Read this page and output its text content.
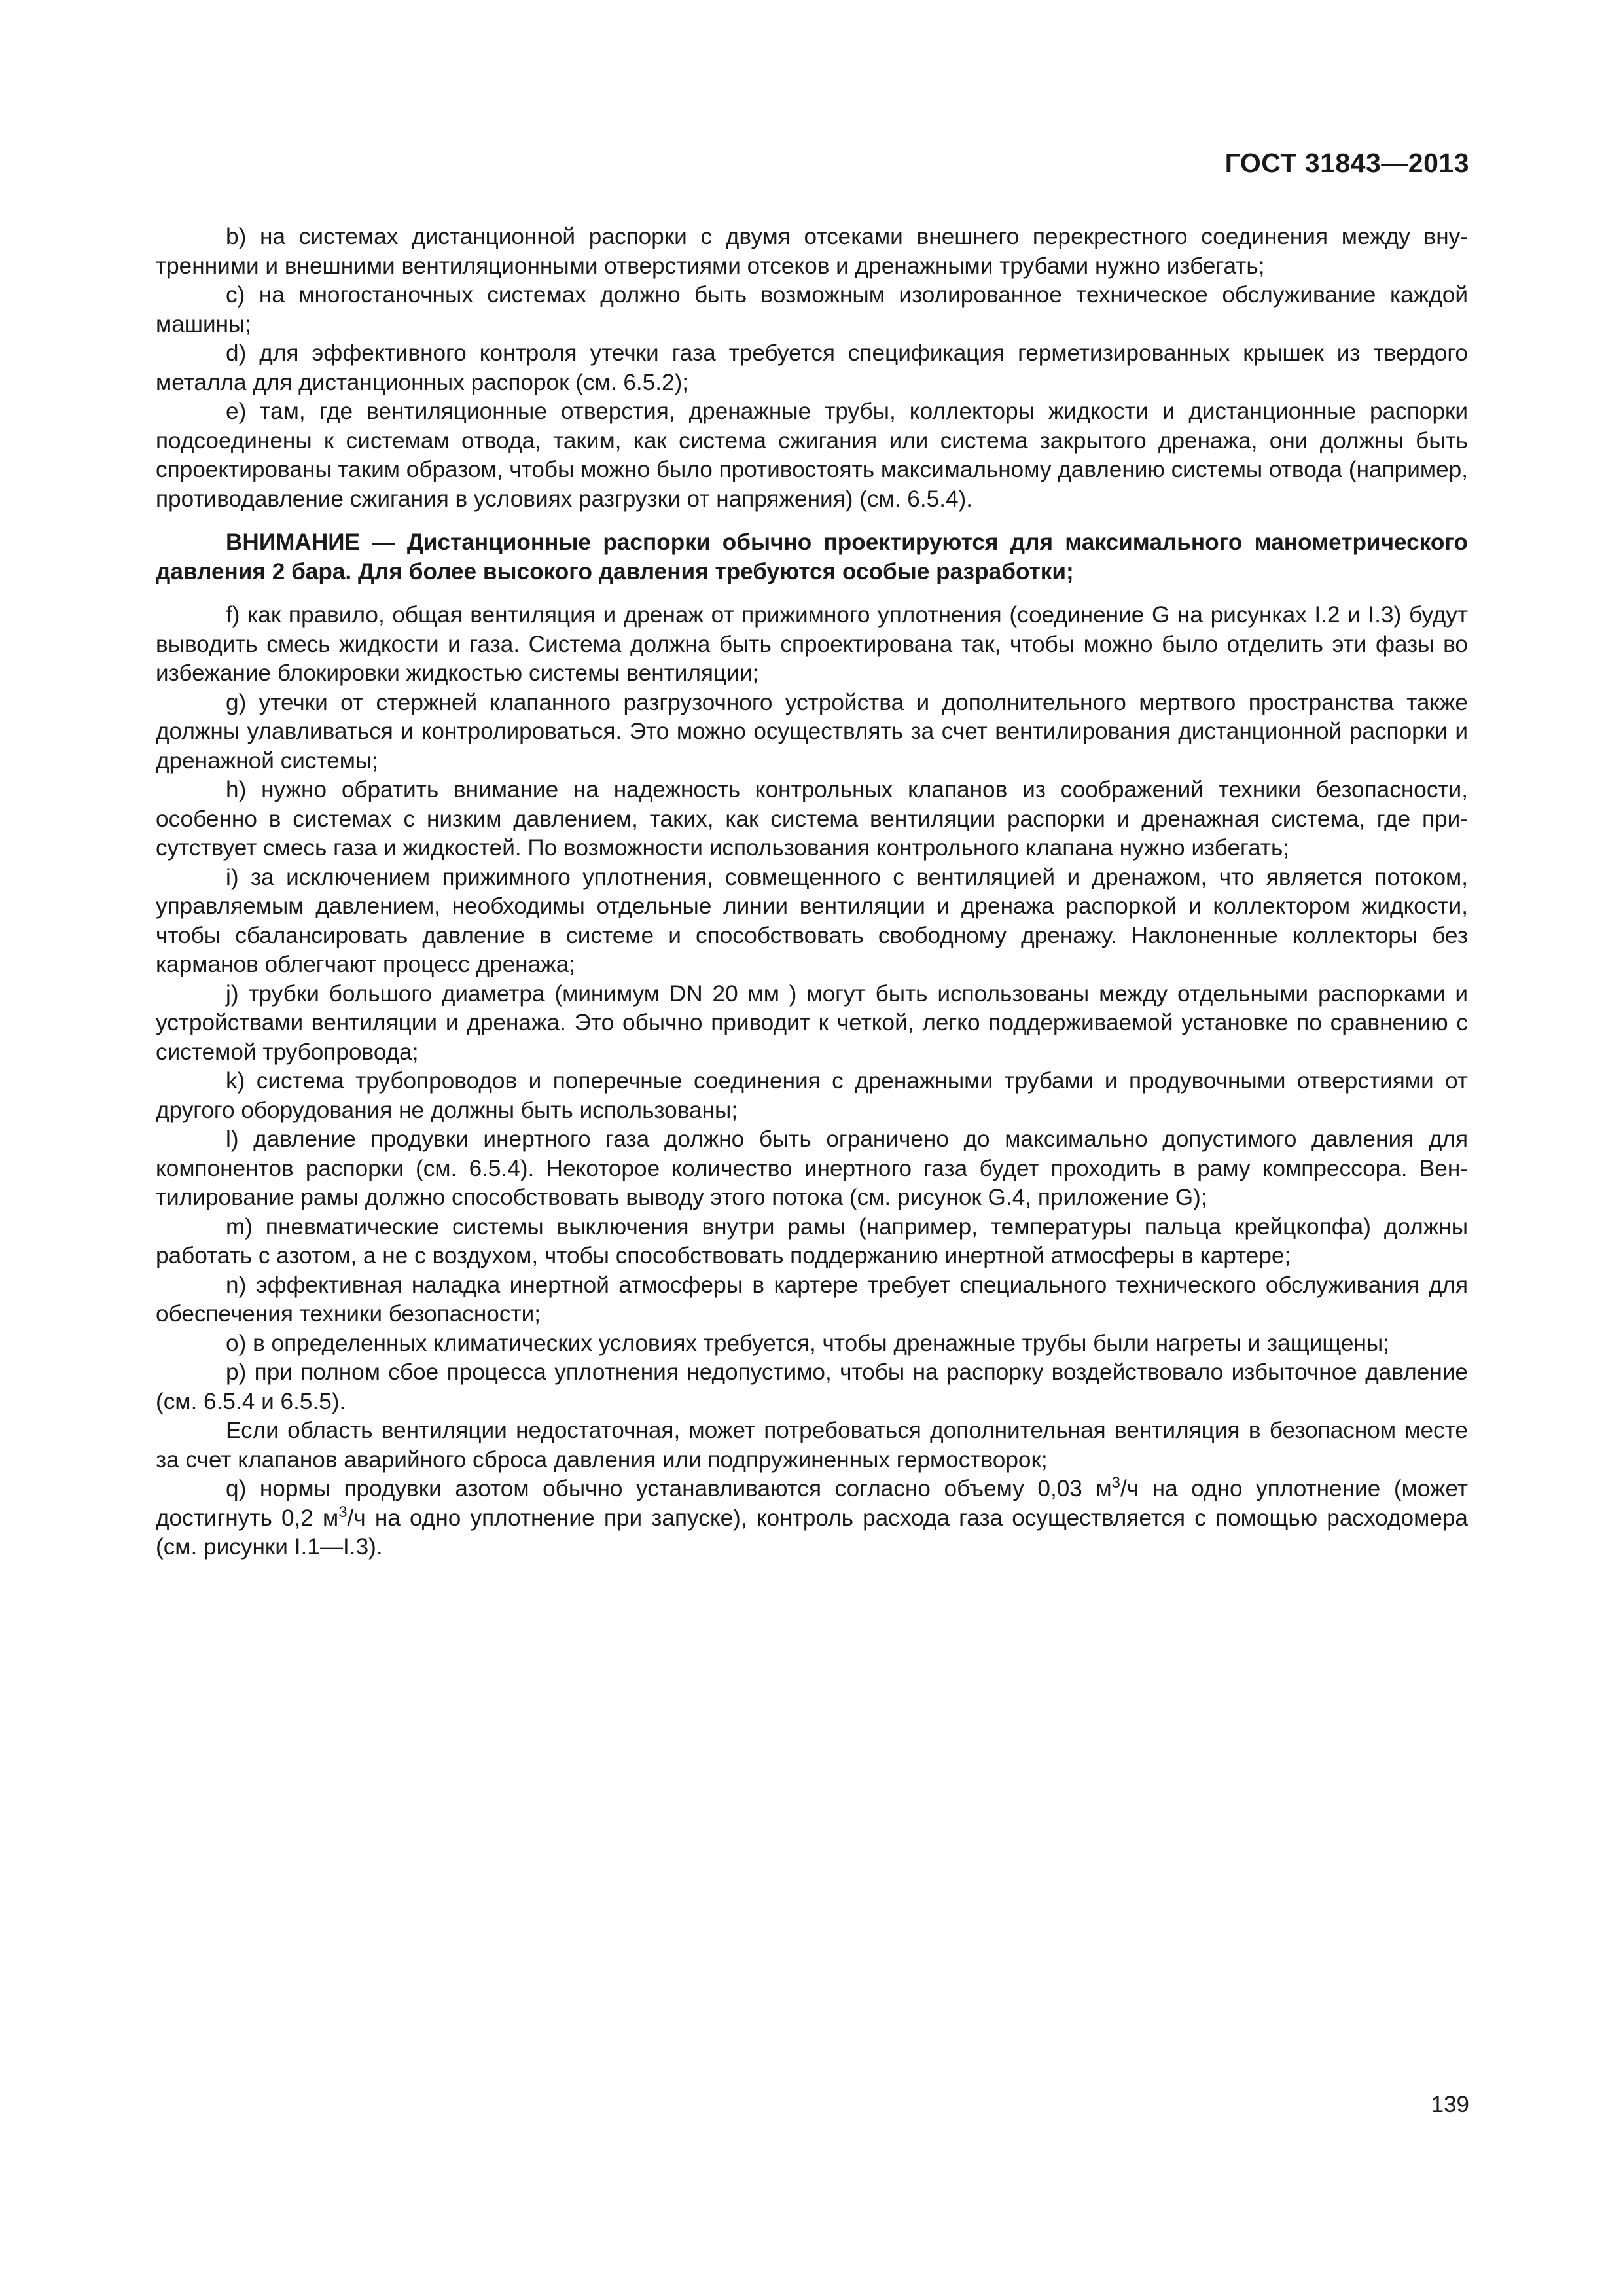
ГОСТ 31843—2013

b) на системах дистанционной распорки с двумя отсеками внешнего перекрестного соединения между внутренними и внешними вентиляционными отверстиями отсеков и дренажными трубами нужно избегать;

c) на многостаночных системах должно быть возможным изолированное техническое обслуживание каждой машины;

d) для эффективного контроля утечки газа требуется спецификация герметизированных крышек из твердого металла для дистанционных распорок (см. 6.5.2);

e) там, где вентиляционные отверстия, дренажные трубы, коллекторы жидкости и дистанционные распорки подсоединены к системам отвода, таким, как система сжигания или система закрытого дренажа, они должны быть спроектированы таким образом, чтобы можно было противостоять максимальному давлению системы отвода (например, противодавление сжигания в условиях разгрузки от напряжения) (см. 6.5.4).

ВНИМАНИЕ — Дистанционные распорки обычно проектируются для максимального манометрического давления 2 бара. Для более высокого давления требуются особые разработки;

f) как правило, общая вентиляция и дренаж от прижимного уплотнения (соединение G на рисунках I.2 и I.3) будут выводить смесь жидкости и газа. Система должна быть спроектирована так, чтобы можно было отделить эти фазы во избежание блокировки жидкостью системы вентиляции;

g) утечки от стержней клапанного разгрузочного устройства и дополнительного мертвого пространства также должны улавливаться и контролироваться. Это можно осуществлять за счет вентилирования дистанционной распорки и дренажной системы;

h) нужно обратить внимание на надежность контрольных клапанов из соображений техники безопасности, особенно в системах с низким давлением, таких, как система вентиляции распорки и дренажная система, где присутствует смесь газа и жидкостей. По возможности использования контрольного клапана нужно избегать;

i) за исключением прижимного уплотнения, совмещенного с вентиляцией и дренажом, что является потоком, управляемым давлением, необходимы отдельные линии вентиляции и дренажа распоркой и коллектором жидкости, чтобы сбалансировать давление в системе и способствовать свободному дренажу. Наклоненные коллекторы без карманов облегчают процесс дренажа;

j) трубки большого диаметра (минимум DN 20 мм ) могут быть использованы между отдельными распорками и устройствами вентиляции и дренажа. Это обычно приводит к четкой, легко поддерживаемой установке по сравнению с системой трубопровода;

k) система трубопроводов и поперечные соединения с дренажными трубами и продувочными отверстиями от другого оборудования не должны быть использованы;

l) давление продувки инертного газа должно быть ограничено до максимально допустимого давления для компонентов распорки (см. 6.5.4). Некоторое количество инертного газа будет проходить в раму компрессора. Вентилирование рамы должно способствовать выводу этого потока (см. рисунок G.4, приложение G);

m) пневматические системы выключения внутри рамы (например, температуры пальца крейцкопфа) должны работать с азотом, а не с воздухом, чтобы способствовать поддержанию инертной атмосферы в картере;

n) эффективная наладка инертной атмосферы в картере требует специального технического обслуживания для обеспечения техники безопасности;

o) в определенных климатических условиях требуется, чтобы дренажные трубы были нагреты и защищены;

p) при полном сбое процесса уплотнения недопустимо, чтобы на распорку воздействовало избыточное давление (см. 6.5.4 и 6.5.5).

Если область вентиляции недостаточная, может потребоваться дополнительная вентиляция в безопасном месте за счет клапанов аварийного сброса давления или подпружиненных гермостворок;

q) нормы продувки азотом обычно устанавливаются согласно объему 0,03 $м^3/ч$ на одно уплотнение (может достигнуть 0,2 $м^3/ч$ на одно уплотнение при запуске), контроль расхода газа осуществляется с помощью расходомера (см. рисунки I.1—I.3).

139
